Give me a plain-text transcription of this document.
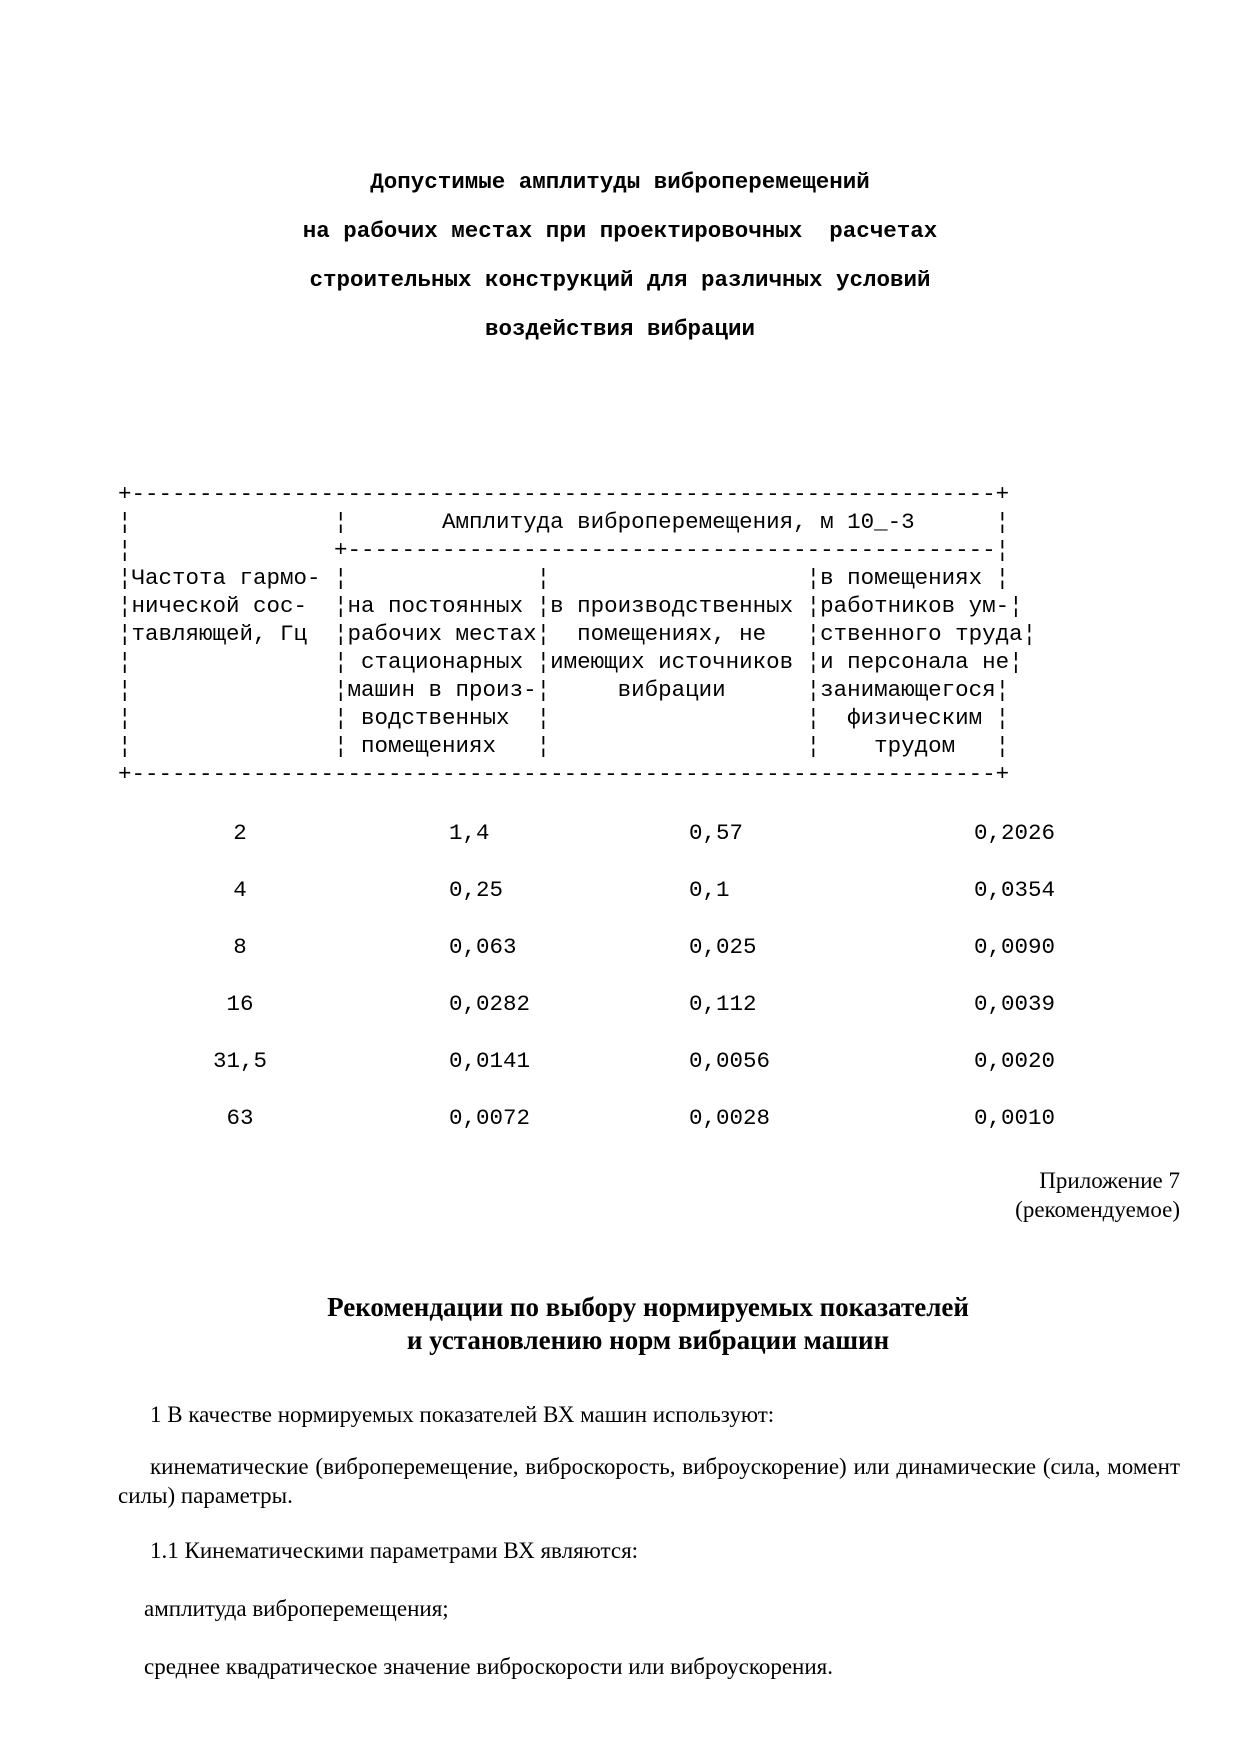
Допустимые амплитуды виброперемещений
на рабочих местах при проектировочных  расчетах
строительных конструкций для различных условий
воздействия вибрации
+----------------------------------------------------------------+
¦               ¦       Амплитуда виброперемещения, м 10_-3      ¦
¦               +------------------------------------------------¦
¦Частота гармо- ¦              ¦                   ¦в помещениях ¦
¦нической сос-  ¦на постоянных ¦в производственных ¦работников ум-¦
¦тавляющей, Гц  ¦рабочих местах¦  помещениях, не   ¦ственного труда¦
¦               ¦ стационарных ¦имеющих источников ¦и персонала не¦
¦               ¦машин в произ-¦     вибрации      ¦занимающегося¦
¦               ¦ водственных  ¦                   ¦  физическим ¦
¦               ¦ помещениях   ¦                   ¦    трудом   ¦
+----------------------------------------------------------------+
2	1,4	0,57	0,2026
4	0,25	0,1	0,0354
8	0,063	0,025	0,0090
16	0,0282	0,112	0,0039
31,5	0,0141	0,0056	0,0020
63	0,0072	0,0028	0,0010
Приложение 7
(рекомендуемое)
Рекомендации по выбору нормируемых показателей
и установлению норм вибрации машин
1 В качестве нормируемых показателей ВХ машин используют:
кинематические (виброперемещение, виброскорость, виброускорение) или динамические (сила, момент силы) параметры.
1.1 Кинематическими параметрами ВХ являются:
амплитуда виброперемещения;
среднее квадратическое значение виброскорости или виброускорения.
